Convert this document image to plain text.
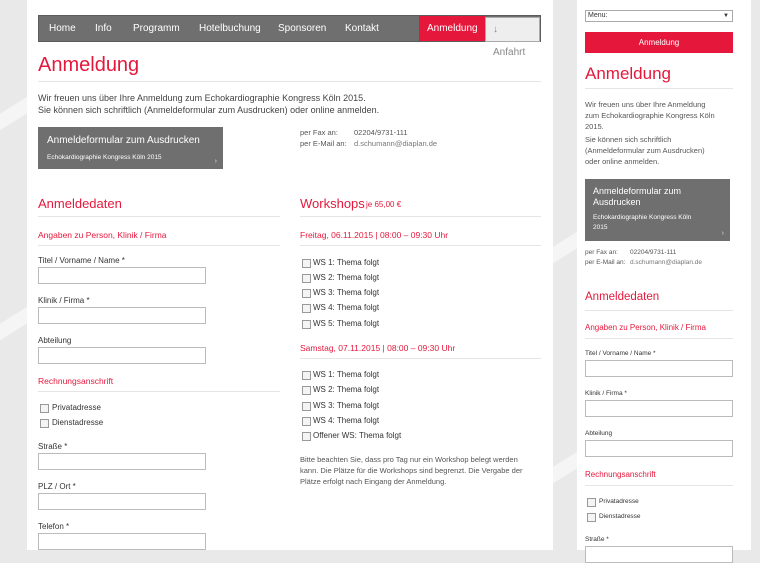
Home Info Programm Hotelbuchung Sponsoren Kontakt	Anmeldung	↓ Anfahrt
Anmeldung
Wir freuen uns über Ihre Anmeldung zum Echokardiographie Kongress Köln 2015.
Sie können sich schriftlich (Anmeldeformular zum Ausdrucken) oder online anmelden.
Anmeldeformular zum Ausdrucken
Echokardiographie Kongress Köln 2015
›
per Fax an: 02204/9731-111
per E-Mail an: d.schumann@diaplan.de
Anmeldedaten
Angaben zu Person, Klinik / Firma
Titel / Vorname / Name *
Klinik / Firma *
Abteilung
Rechnungsanschrift
Privatadresse
Dienstadresse
Straße *
PLZ / Ort *
Telefon *
Workshops je 65,00 €
Freitag, 06.11.2015 | 08:00 – 09:30 Uhr
WS 1: Thema folgt
WS 2: Thema folgt
WS 3: Thema folgt
WS 4: Thema folgt
WS 5: Thema folgt
Samstag, 07.11.2015 | 08:00 – 09:30 Uhr
WS 1: Thema folgt
WS 2: Thema folgt
WS 3: Thema folgt
WS 4: Thema folgt
Offener WS: Thema folgt
Bitte beachten Sie, dass pro Tag nur ein Workshop belegt werden
kann. Die Plätze für die Workshops sind begrenzt. Die Vergabe der
Plätze erfolgt nach Eingang der Anmeldung.
Menu:	▼
Anmeldung
Anmeldung
Wir freuen uns über Ihre Anmeldung
zum Echokardiographie Kongress Köln
2015.
Sie können sich schriftlich
(Anmeldeformular zum Ausdrucken)
oder online anmelden.
Anmeldeformular zum
Ausdrucken
Echokardiographie Kongress Köln
2015
›
per Fax an: 02204/9731-111
per E-Mail an: d.schumann@diaplan.de
Anmeldedaten
Angaben zu Person, Klinik / Firma
Titel / Vorname / Name *
Klinik / Firma *
Abteilung
Rechnungsanschrift
Privatadresse
Dienstadresse
Straße *
